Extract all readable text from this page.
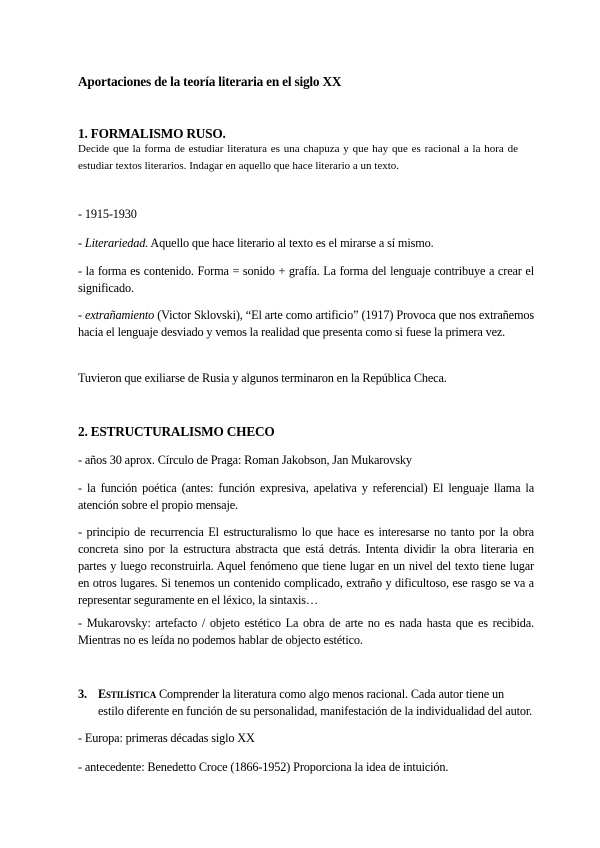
Aportaciones de la teoría literaria en el siglo XX
1. FORMALISMO RUSO.
Decide que la forma de estudiar literatura es una chapuza y que hay que es racional a la hora de estudiar textos literarios. Indagar en aquello que hace literario a un texto.
- 1915-1930
- Literariedad. Aquello que hace literario al texto es el mirarse a sí mismo.
- la forma es contenido. Forma = sonido + grafía. La forma del lenguaje contribuye a crear el significado.
- extrañamiento (Victor Sklovski), “El arte como artificio” (1917) Provoca que nos extrañemos hacia el lenguaje desviado y vemos la realidad que presenta como si fuese la primera vez.
Tuvieron que exiliarse de Rusia y algunos terminaron en la República Checa.
2. ESTRUCTURALISMO CHECO
- años 30 aprox. Círculo de Praga: Roman Jakobson, Jan Mukarovsky
- la función poética (antes: función expresiva, apelativa y referencial) El lenguaje llama la atención sobre el propio mensaje.
- principio de recurrencia El estructuralismo lo que hace es interesarse no tanto por la obra concreta sino por la estructura abstracta que está detrás. Intenta dividir la obra literaria en partes y luego reconstruirla. Aquel fenómeno que tiene lugar en un nivel del texto tiene lugar en otros lugares. Si tenemos un contenido complicado, extraño y dificultoso, ese rasgo se va a representar seguramente en el léxico, la sintaxis…
- Mukarovsky: artefacto / objeto estético La obra de arte no es nada hasta que es recibida. Mientras no es leída no podemos hablar de objecto estético.
3. Estilística Comprender la literatura como algo menos racional. Cada autor tiene un
estilo diferente en función de su personalidad, manifestación de la individualidad del autor.
- Europa: primeras décadas siglo XX
- antecedente: Benedetto Croce (1866-1952) Proporciona la idea de intuición.
